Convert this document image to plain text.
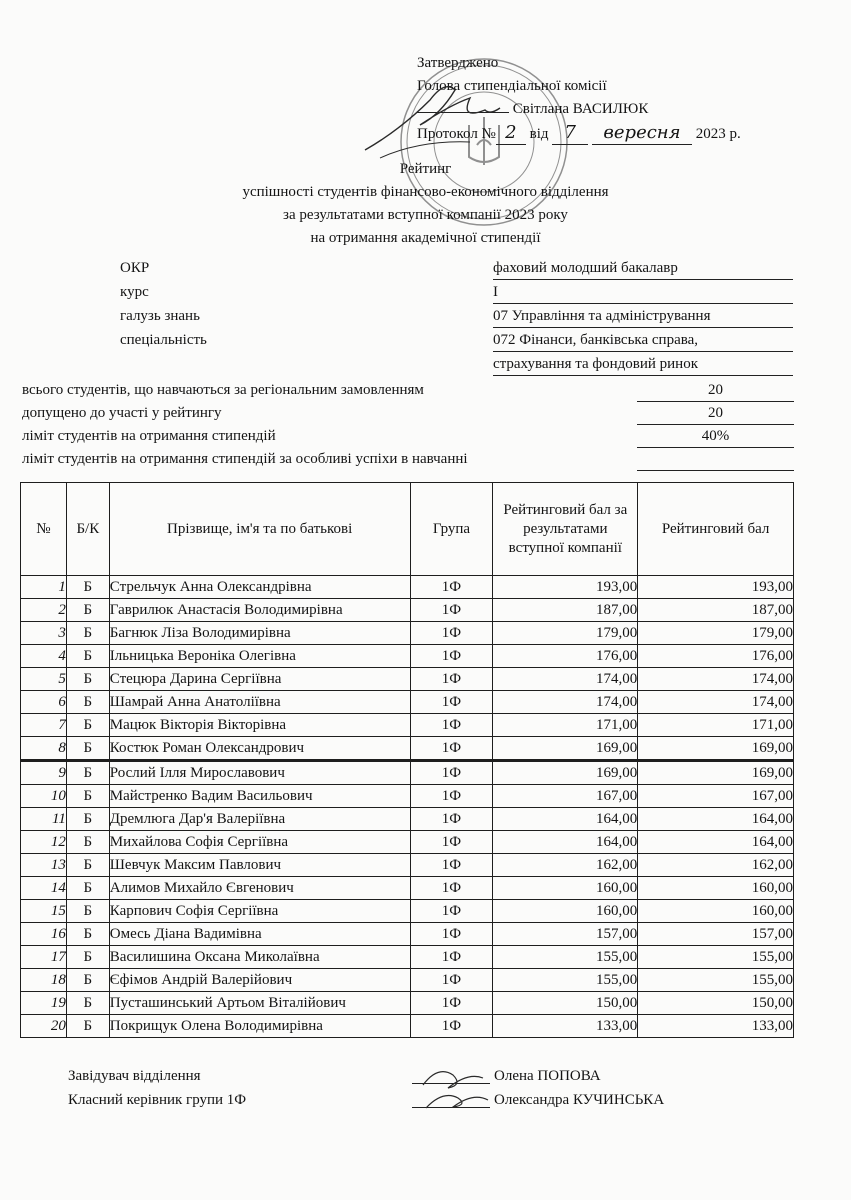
Затверджено
Голова стипендіальної комісії
Світлана ВАСИЛЮК
Протокол № 2 від 7 вересня 2023 р.
Рейтинг
успішності студентів фінансово-економічного відділення
за результатами вступної компанії 2023 року
на отримання академічної стипендії
ОКР	фаховий молодший бакалавр
курс	І
галузь знань	07 Управління та адміністрування
спеціальність	072 Фінанси, банківська справа,
страхування та фондовий ринок
всього студентів, що навчаються за регіональним замовленням	20
допущено до участі у рейтингу	20
ліміт студентів на отримання стипендій	40%
ліміт студентів на отримання стипендій за особливі успіхи в навчанні
№	Б/К	Прізвище, ім'я та по батькові	Група	Рейтинговий бал за результатами вступної компанії	Рейтинговий бал
1	Б	Стрельчук Анна Олександрівна	1Ф	193,00	193,00
2	Б	Гаврилюк Анастасія Володимирівна	1Ф	187,00	187,00
3	Б	Багнюк Ліза Володимирівна	1Ф	179,00	179,00
4	Б	Ільницька Вероніка Олегівна	1Ф	176,00	176,00
5	Б	Стецюра Дарина Сергіївна	1Ф	174,00	174,00
6	Б	Шамрай Анна Анатоліївна	1Ф	174,00	174,00
7	Б	Мацюк Вікторія Вікторівна	1Ф	171,00	171,00
8	Б	Костюк Роман Олександрович	1Ф	169,00	169,00
9	Б	Рослий Ілля Мирославович	1Ф	169,00	169,00
10	Б	Майстренко Вадим Васильович	1Ф	167,00	167,00
11	Б	Дремлюга Дар'я Валеріївна	1Ф	164,00	164,00
12	Б	Михайлова Софія Сергіївна	1Ф	164,00	164,00
13	Б	Шевчук Максим Павлович	1Ф	162,00	162,00
14	Б	Алимов Михайло Євгенович	1Ф	160,00	160,00
15	Б	Карпович Софія Сергіївна	1Ф	160,00	160,00
16	Б	Омесь Діана Вадимівна	1Ф	157,00	157,00
17	Б	Василишина Оксана Миколаївна	1Ф	155,00	155,00
18	Б	Єфімов Андрій Валерійович	1Ф	155,00	155,00
19	Б	Пусташинський Артьом Віталійович	1Ф	150,00	150,00
20	Б	Покрищук Олена Володимирівна	1Ф	133,00	133,00
Завідувач відділення
Класний керівник групи 1Ф
Олена ПОПОВА
Олександра КУЧИНСЬКА
